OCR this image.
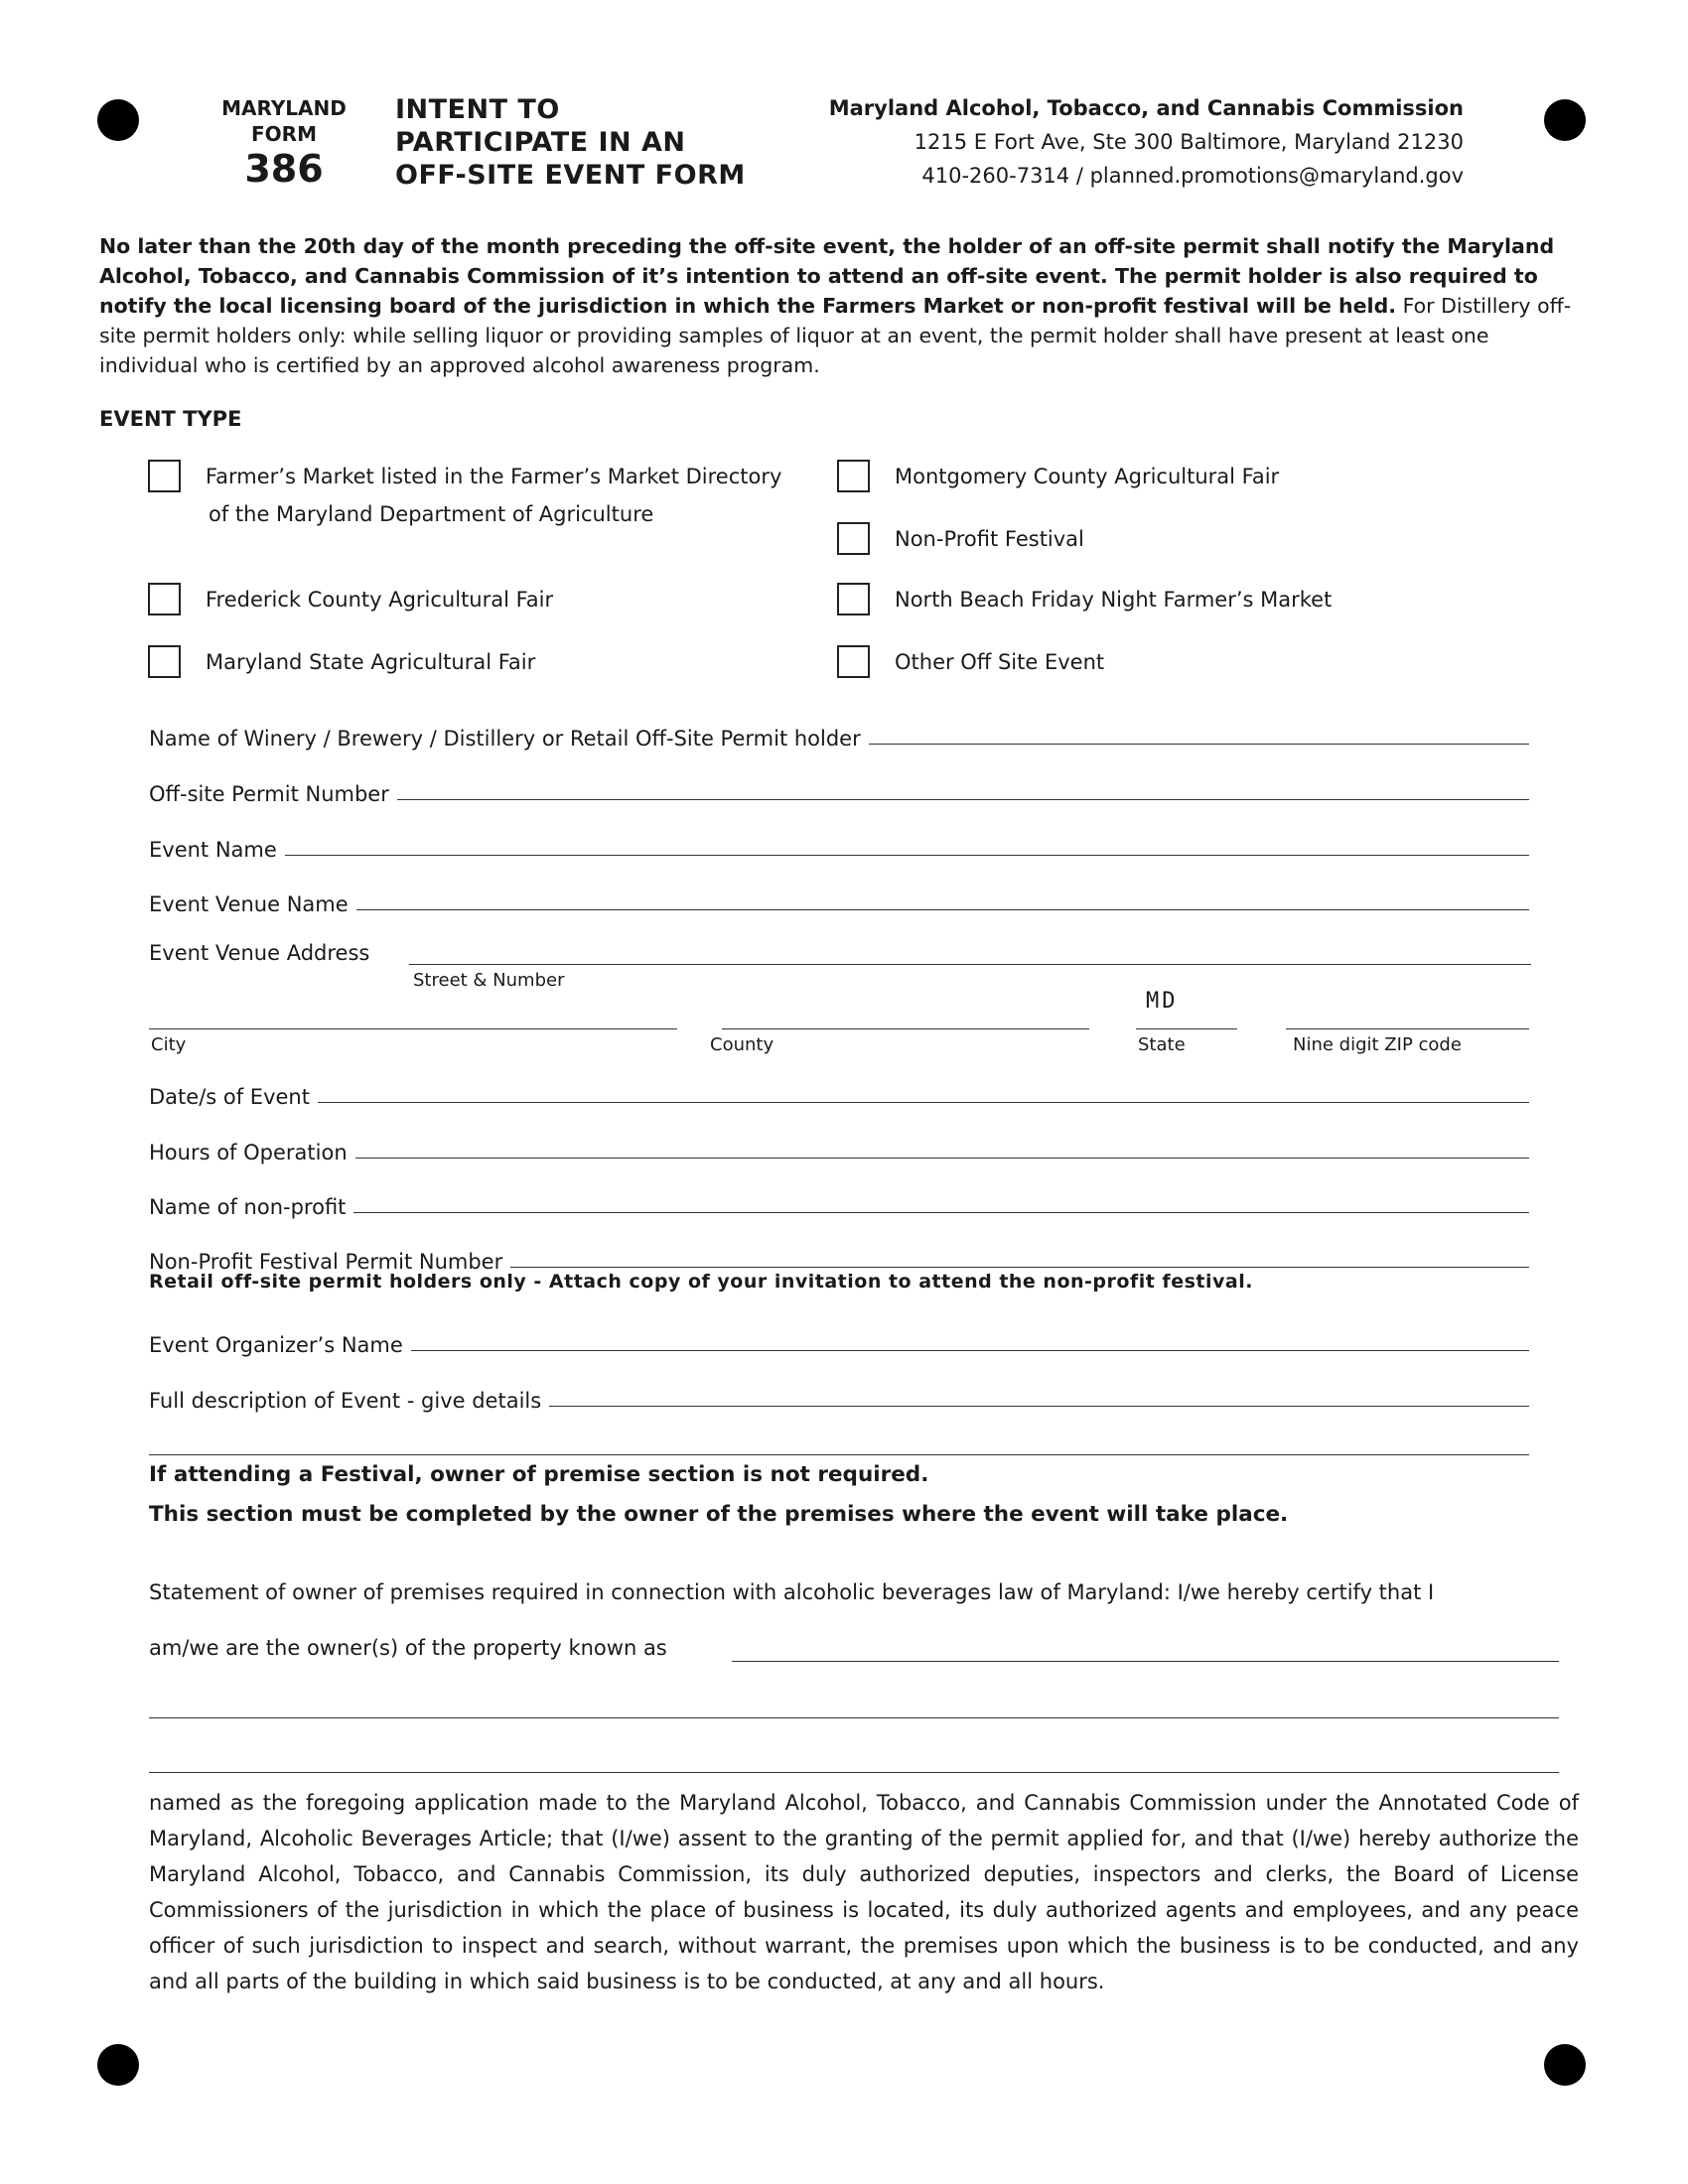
MARYLAND
FORM
386
INTENT TO
PARTICIPATE IN AN
OFF-SITE EVENT FORM
Maryland Alcohol, Tobacco, and Cannabis Commission
1215 E Fort Ave, Ste 300 Baltimore, Maryland 21230
410-260-7314 / planned.promotions@maryland.gov
No later than the 20th day of the month preceding the off-site event, the holder of an off-site permit shall notify the Maryland Alcohol, Tobacco, and Cannabis Commission of it’s intention to attend an off-site event. The permit holder is also required to notify the local licensing board of the jurisdiction in which the Farmers Market or non-profit festival will be held. For Distillery off-site permit holders only: while selling liquor or providing samples of liquor at an event, the permit holder shall have present at least one individual who is certified by an approved alcohol awareness program.
EVENT TYPE
Farmer’s Market listed in the Farmer’s Market Directory
of the Maryland Department of Agriculture
Frederick County Agricultural Fair
Maryland State Agricultural Fair
Montgomery County Agricultural Fair
Non-Profit Festival
North Beach Friday Night Farmer’s Market
Other Off Site Event
Name of Winery / Brewery / Distillery or Retail Off-Site Permit holder
Off-site Permit Number
Event Name
Event Venue Name
Event Venue Address
Street & Number
MD
City	County	State	Nine digit ZIP code
Date/s of Event
Hours of Operation
Name of non-profit
Non-Profit Festival Permit Number
Retail off-site permit holders only - Attach copy of your invitation to attend the non-profit festival.
Event Organizer’s Name
Full description of Event - give details
If attending a Festival, owner of premise section is not required.
This section must be completed by the owner of the premises where the event will take place.
Statement of owner of premises required in connection with alcoholic beverages law of Maryland: I/we hereby certify that I
am/we are the owner(s) of the property known as
named as the foregoing application made to the Maryland Alcohol, Tobacco, and Cannabis Commission under the Annotated Code of Maryland, Alcoholic Beverages Article; that (I/we) assent to the granting of the permit applied for, and that (I/we) hereby authorize the Maryland Alcohol, Tobacco, and Cannabis Commission, its duly authorized deputies, inspectors and clerks, the Board of License Commissioners of the jurisdiction in which the place of business is located, its duly authorized agents and employees, and any peace officer of such jurisdiction to inspect and search, without warrant, the premises upon which the business is to be conducted, and any and all parts of the building in which said business is to be conducted, at any and all hours.
